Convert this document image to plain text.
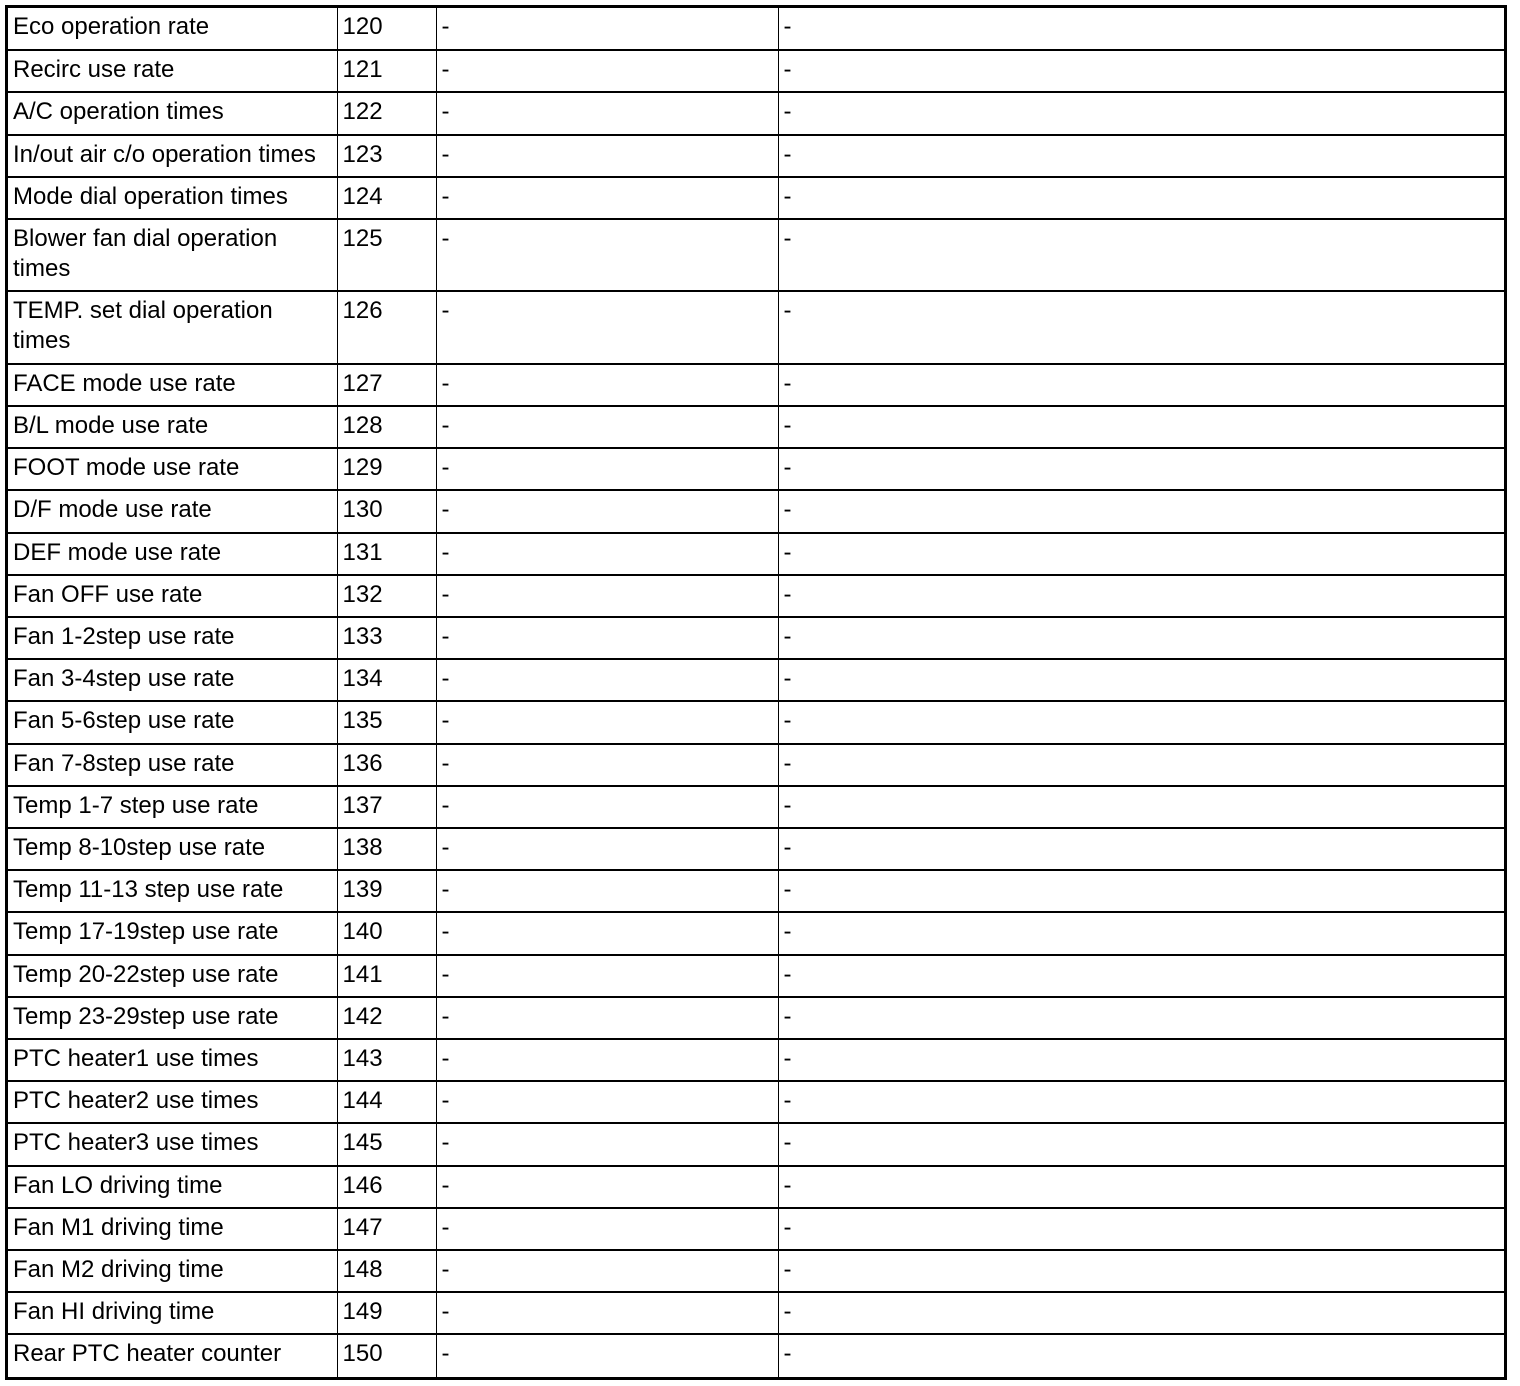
Eco operation rate	120	-	-
Recirc use rate	121	-	-
A/C operation times	122	-	-
In/out air c/o operation times	123	-	-
Mode dial operation times	124	-	-
Blower fan dial operation times	125	-	-
TEMP. set dial operation times	126	-	-
FACE mode use rate	127	-	-
B/L mode use rate	128	-	-
FOOT mode use rate	129	-	-
D/F mode use rate	130	-	-
DEF mode use rate	131	-	-
Fan OFF use rate	132	-	-
Fan 1-2step use rate	133	-	-
Fan 3-4step use rate	134	-	-
Fan 5-6step use rate	135	-	-
Fan 7-8step use rate	136	-	-
Temp 1-7 step use rate	137	-	-
Temp 8-10step use rate	138	-	-
Temp 11-13 step use rate	139	-	-
Temp 17-19step use rate	140	-	-
Temp 20-22step use rate	141	-	-
Temp 23-29step use rate	142	-	-
PTC heater1 use times	143	-	-
PTC heater2 use times	144	-	-
PTC heater3 use times	145	-	-
Fan LO driving time	146	-	-
Fan M1 driving time	147	-	-
Fan M2 driving time	148	-	-
Fan HI driving time	149	-	-
Rear PTC heater counter	150	-	-
